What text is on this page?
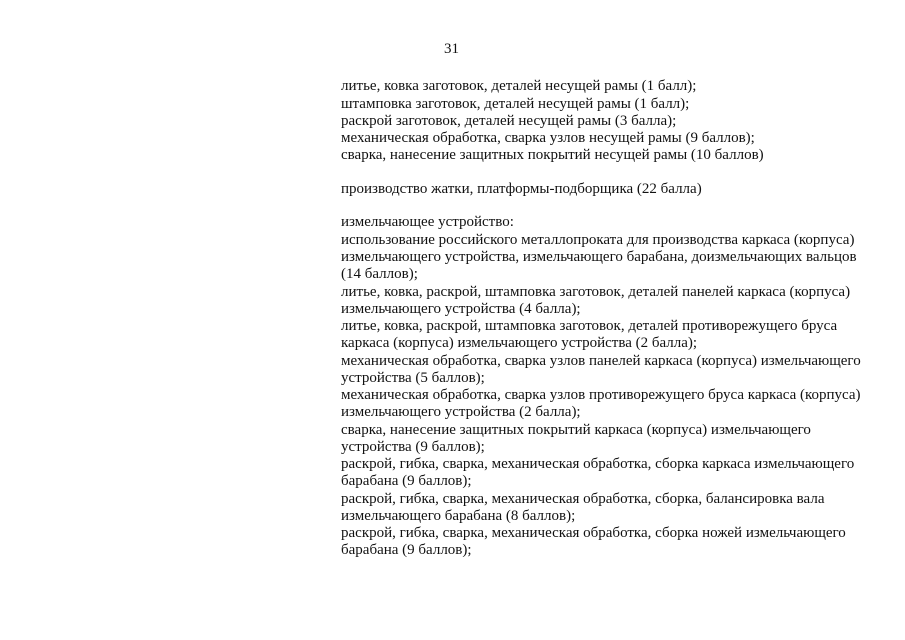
31
литье, ковка заготовок, деталей несущей рамы (1 балл);
штамповка заготовок, деталей несущей рамы (1 балл);
раскрой заготовок, деталей несущей рамы (3 балла);
механическая обработка, сварка узлов несущей рамы (9 баллов);
сварка, нанесение защитных покрытий несущей рамы (10 баллов)
производство жатки, платформы-подборщика (22 балла)
измельчающее устройство:
использование российского металлопроката для производства каркаса (корпуса)
измельчающего устройства, измельчающего барабана, доизмельчающих вальцов
(14 баллов);
литье, ковка, раскрой, штамповка заготовок, деталей панелей каркаса (корпуса)
измельчающего устройства (4 балла);
литье, ковка, раскрой, штамповка заготовок, деталей противорежущего бруса
каркаса (корпуса) измельчающего устройства (2 балла);
механическая обработка, сварка узлов панелей каркаса (корпуса) измельчающего
устройства (5 баллов);
механическая обработка, сварка узлов противорежущего бруса каркаса (корпуса)
измельчающего устройства (2 балла);
сварка, нанесение защитных покрытий каркаса (корпуса) измельчающего
устройства (9 баллов);
раскрой, гибка, сварка, механическая обработка, сборка каркаса измельчающего
барабана (9 баллов);
раскрой, гибка, сварка, механическая обработка, сборка, балансировка вала
измельчающего барабана (8 баллов);
раскрой, гибка, сварка, механическая обработка, сборка ножей измельчающего
барабана (9 баллов);
